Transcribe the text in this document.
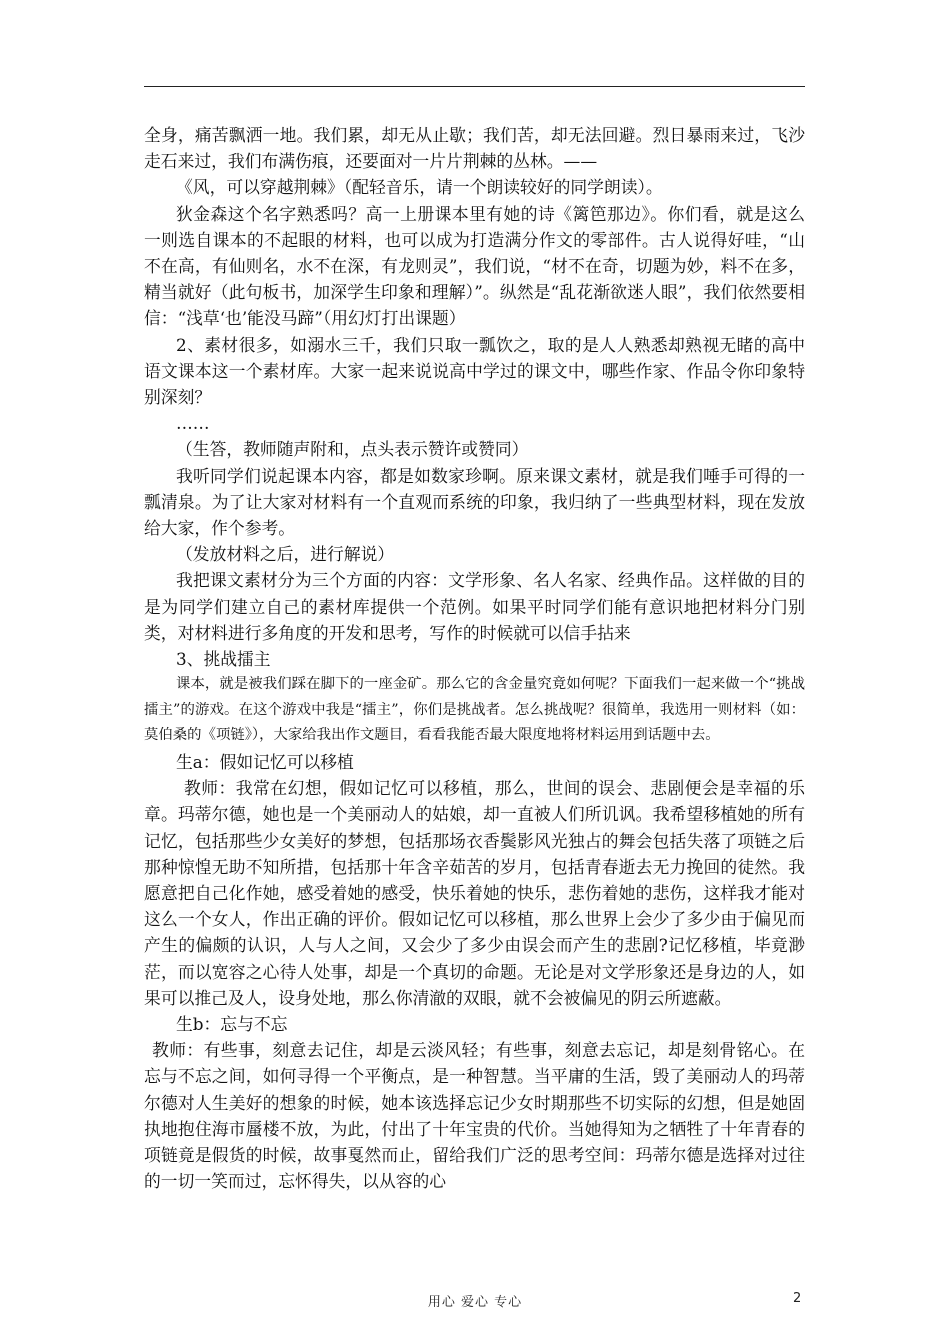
全身，痛苦飘洒一地。我们累，却无从止歇；我们苦，却无法回避。烈日暴雨来过，飞沙走石来过，我们布满伤痕，还要面对一片片荆棘的丛林。——

《风，可以穿越荆棘》（配轻音乐，请一个朗读较好的同学朗读）。

狄金森这个名字熟悉吗？高一上册课本里有她的诗《篱笆那边》。你们看，就是这么一则选自课本的不起眼的材料，也可以成为打造满分作文的零部件。古人说得好哇，“山不在高，有仙则名，水不在深，有龙则灵”，我们说，“材不在奇，切题为妙，料不在多，精当就好（此句板书，加深学生印象和理解）”。纵然是“乱花渐欲迷人眼”，我们依然要相信：“浅草‘也’能没马蹄”（用幻灯打出课题）

2、素材很多，如溺水三千，我们只取一瓢饮之，取的是人人熟悉却熟视无睹的高中语文课本这一个素材库。大家一起来说说高中学过的课文中，哪些作家、作品令你印象特别深刻？

……

（生答，教师随声附和，点头表示赞许或赞同）

我听同学们说起课本内容，都是如数家珍啊。原来课文素材，就是我们唾手可得的一瓢清泉。为了让大家对材料有一个直观而系统的印象，我归纳了一些典型材料，现在发放给大家，作个参考。

（发放材料之后，进行解说）

我把课文素材分为三个方面的内容：文学形象、名人名家、经典作品。这样做的目的是为同学们建立自己的素材库提供一个范例。如果平时同学们能有意识地把材料分门别类，对材料进行多角度的开发和思考，写作的时候就可以信手拈来

3、挑战擂主

课本，就是被我们踩在脚下的一座金矿。那么它的含金量究竟如何呢？下面我们一起来做一个“挑战擂主”的游戏。在这个游戏中我是“擂主”，你们是挑战者。怎么挑战呢？很简单，我选用一则材料（如：莫伯桑的《项链》），大家给我出作文题目，看看我能否最大限度地将材料运用到话题中去。

生a：假如记忆可以移植

教师：我常在幻想，假如记忆可以移植，那么，世间的误会、悲剧便会是幸福的乐章。玛蒂尔德，她也是一个美丽动人的姑娘，却一直被人们所讥讽。我希望移植她的所有记忆，包括那些少女美好的梦想，包括那场衣香鬓影风光独占的舞会包括失落了项链之后那种惊惶无助不知所措，包括那十年含辛茹苦的岁月，包括青春逝去无力挽回的徒然。我愿意把自己化作她，感受着她的感受，快乐着她的快乐，悲伤着她的悲伤，这样我才能对这么一个女人，作出正确的评价。假如记忆可以移植，那么世界上会少了多少由于偏见而产生的偏颇的认识，人与人之间，又会少了多少由误会而产生的悲剧?记忆移植，毕竟渺茫，而以宽容之心待人处事，却是一个真切的命题。无论是对文学形象还是身边的人，如果可以推己及人，设身处地，那么你清澈的双眼，就不会被偏见的阴云所遮蔽。

生b：忘与不忘

教师：有些事，刻意去记住，却是云淡风轻；有些事，刻意去忘记，却是刻骨铭心。在忘与不忘之间，如何寻得一个平衡点，是一种智慧。当平庸的生活，毁了美丽动人的玛蒂尔德对人生美好的想象的时候，她本该选择忘记少女时期那些不切实际的幻想，但是她固执地抱住海市蜃楼不放，为此，付出了十年宝贵的代价。当她得知为之牺牲了十年青春的项链竟是假货的时候，故事戛然而止，留给我们广泛的思考空间：玛蒂尔德是选择对过往的一切一笑而过，忘怀得失，以从容的心

用心 爱心 专心	2
